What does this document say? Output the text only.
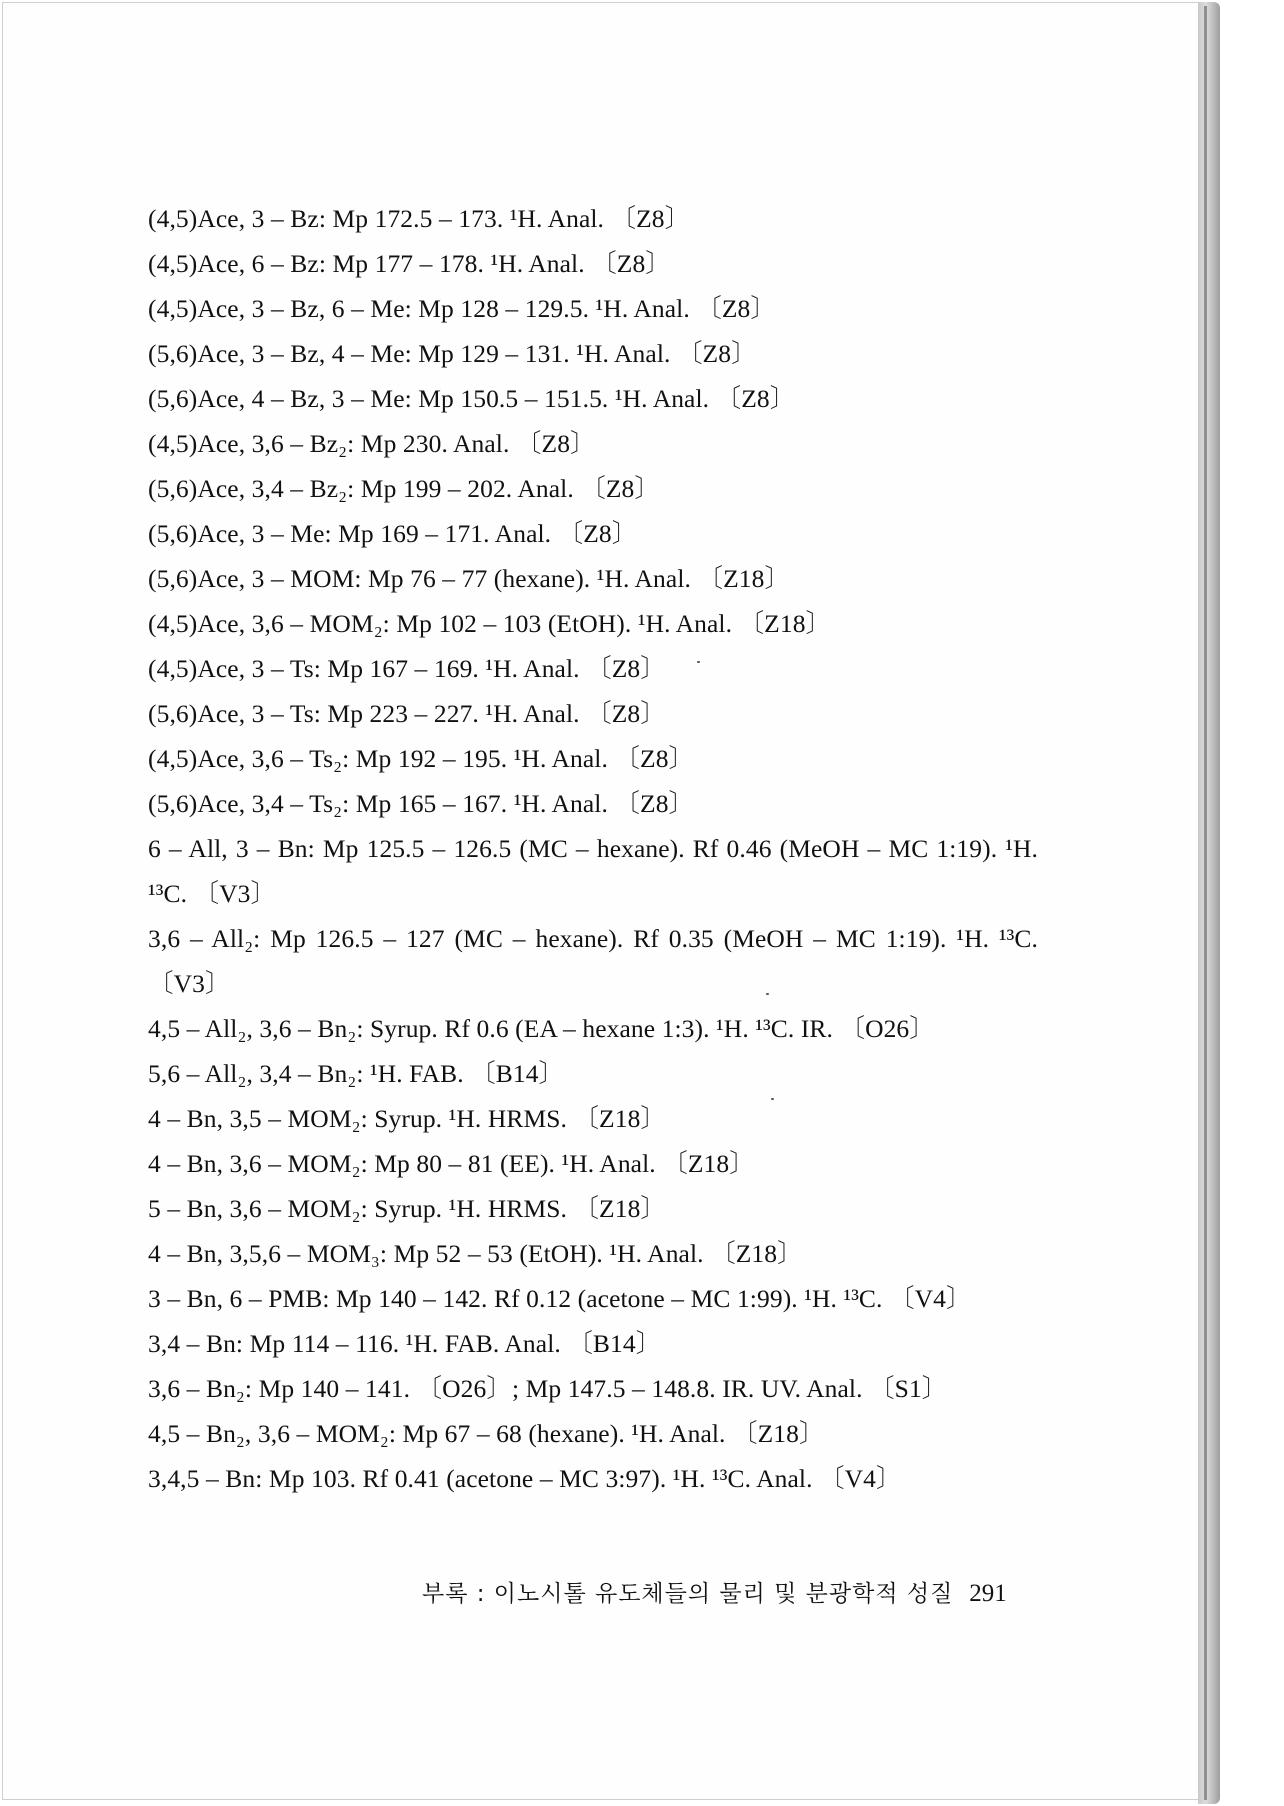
(4,5)Ace, 3 – Bz: Mp 172.5 – 173. ¹H. Anal. 〔Z8〕
(4,5)Ace, 6 – Bz: Mp 177 – 178. ¹H. Anal. 〔Z8〕
(4,5)Ace, 3 – Bz, 6 – Me: Mp 128 – 129.5. ¹H. Anal. 〔Z8〕
(5,6)Ace, 3 – Bz, 4 – Me: Mp 129 – 131. ¹H. Anal. 〔Z8〕
(5,6)Ace, 4 – Bz, 3 – Me: Mp 150.5 – 151.5. ¹H. Anal. 〔Z8〕
(4,5)Ace, 3,6 – Bz₂: Mp 230. Anal. 〔Z8〕
(5,6)Ace, 3,4 – Bz₂: Mp 199 – 202. Anal. 〔Z8〕
(5,6)Ace, 3 – Me: Mp 169 – 171. Anal. 〔Z8〕
(5,6)Ace, 3 – MOM: Mp 76 – 77 (hexane). ¹H. Anal. 〔Z18〕
(4,5)Ace, 3,6 – MOM₂: Mp 102 – 103 (EtOH). ¹H. Anal. 〔Z18〕
(4,5)Ace, 3 – Ts: Mp 167 – 169. ¹H. Anal. 〔Z8〕
(5,6)Ace, 3 – Ts: Mp 223 – 227. ¹H. Anal. 〔Z8〕
(4,5)Ace, 3,6 – Ts₂: Mp 192 – 195. ¹H. Anal. 〔Z8〕
(5,6)Ace, 3,4 – Ts₂: Mp 165 – 167. ¹H. Anal. 〔Z8〕
6 – All, 3 – Bn: Mp 125.5 – 126.5 (MC – hexane). Rf 0.46 (MeOH – MC 1:19). ¹H. ¹³C. 〔V3〕
3,6 – All₂: Mp 126.5 – 127 (MC – hexane). Rf 0.35 (MeOH – MC 1:19). ¹H. ¹³C. 〔V3〕
4,5 – All₂, 3,6 – Bn₂: Syrup. Rf 0.6 (EA – hexane 1:3). ¹H. ¹³C. IR. 〔O26〕
5,6 – All₂, 3,4 – Bn₂: ¹H. FAB. 〔B14〕
4 – Bn, 3,5 – MOM₂: Syrup. ¹H. HRMS. 〔Z18〕
4 – Bn, 3,6 – MOM₂: Mp 80 – 81 (EE). ¹H. Anal. 〔Z18〕
5 – Bn, 3,6 – MOM₂: Syrup. ¹H. HRMS. 〔Z18〕
4 – Bn, 3,5,6 – MOM₃: Mp 52 – 53 (EtOH). ¹H. Anal. 〔Z18〕
3 – Bn, 6 – PMB: Mp 140 – 142. Rf 0.12 (acetone – MC 1:99). ¹H. ¹³C. 〔V4〕
3,4 – Bn: Mp 114 – 116. ¹H. FAB. Anal. 〔B14〕
3,6 – Bn₂: Mp 140 – 141. 〔O26〕; Mp 147.5 – 148.8. IR. UV. Anal. 〔S1〕
4,5 – Bn₂, 3,6 – MOM₂: Mp 67 – 68 (hexane). ¹H. Anal. 〔Z18〕
3,4,5 – Bn: Mp 103. Rf 0.41 (acetone – MC 3:97). ¹H. ¹³C. Anal. 〔V4〕
부록 : 이노시톨 유도체들의 물리 및 분광학적 성질 291
